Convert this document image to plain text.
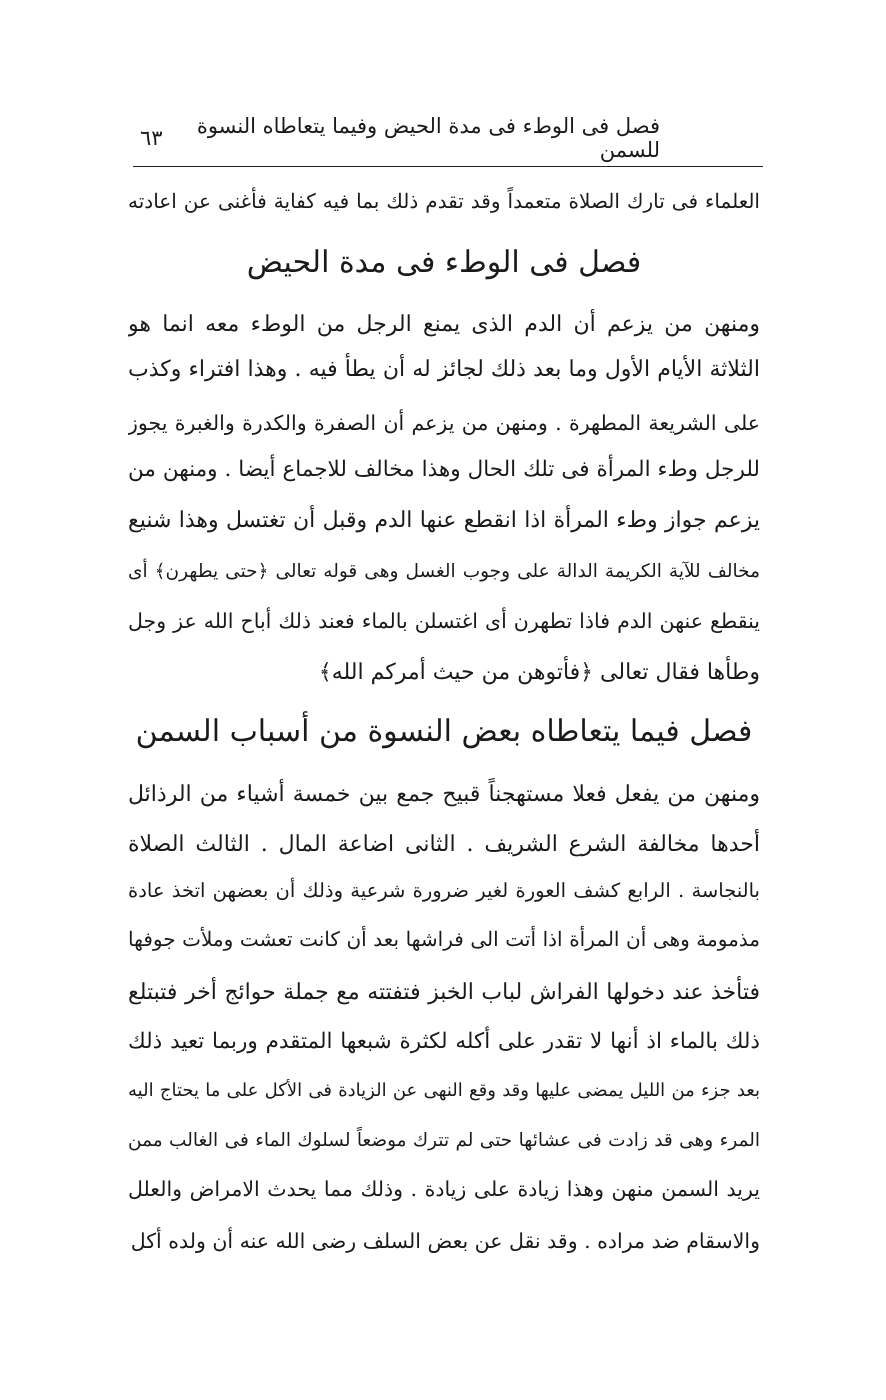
فصل فى الوطء فى مدة الحيض وفيما يتعاطاه النسوة للسمن
٦٣
العلماء فى تارك الصلاة متعمداً وقد تقدم ذلك بما فيه كفاية فأغنى عن اعادته
فصل فى الوطء فى مدة الحيض
ومنهن من يزعم أن الدم الذى يمنع الرجل من الوطء معه انما هو
الثلاثة الأيام الأول وما بعد ذلك لجائز له أن يطأ فيه . وهذا افتراء وكذب
على الشريعة المطهرة . ومنهن من يزعم أن الصفرة والكدرة والغبرة يجوز
للرجل وطء المرأة فى تلك الحال وهذا مخالف للاجماع أيضا . ومنهن من
يزعم جواز وطء المرأة اذا انقطع عنها الدم وقبل أن تغتسل وهذا شنيع
مخالف للآية الكريمة الدالة على وجوب الغسل وهى قوله تعالى ﴿حتى يطهرن﴾ أى
ينقطع عنهن الدم فاذا تطهرن أى اغتسلن بالماء فعند ذلك أباح الله عز وجل
وطأها فقال تعالى ﴿فأتوهن من حيث أمركم الله﴾
فصل فيما يتعاطاه بعض النسوة من أسباب السمن
ومنهن من يفعل فعلا مستهجناً قبيح جمع بين خمسة أشياء من الرذائل
أحدها مخالفة الشرع الشريف . الثانى اضاعة المال . الثالث الصلاة
بالنجاسة . الرابع كشف العورة لغير ضرورة شرعية وذلك أن بعضهن اتخذ عادة
مذمومة وهى أن المرأة اذا أتت الى فراشها بعد أن كانت تعشت وملأت جوفها
فتأخذ عند دخولها الفراش لباب الخبز فتفتته مع جملة حوائج أخر فتبتلع
ذلك بالماء اذ أنها لا تقدر على أكله لكثرة شبعها المتقدم وربما تعيد ذلك
بعد جزء من الليل يمضى عليها وقد وقع النهى عن الزيادة فى الأكل على ما يحتاج اليه
المرء وهى قد زادت فى عشائها حتى لم تترك موضعاً لسلوك الماء فى الغالب ممن
يريد السمن منهن وهذا زيادة على زيادة . وذلك مما يحدث الامراض والعلل
والاسقام ضد مراده . وقد نقل عن بعض السلف رضى الله عنه أن ولده أكل
